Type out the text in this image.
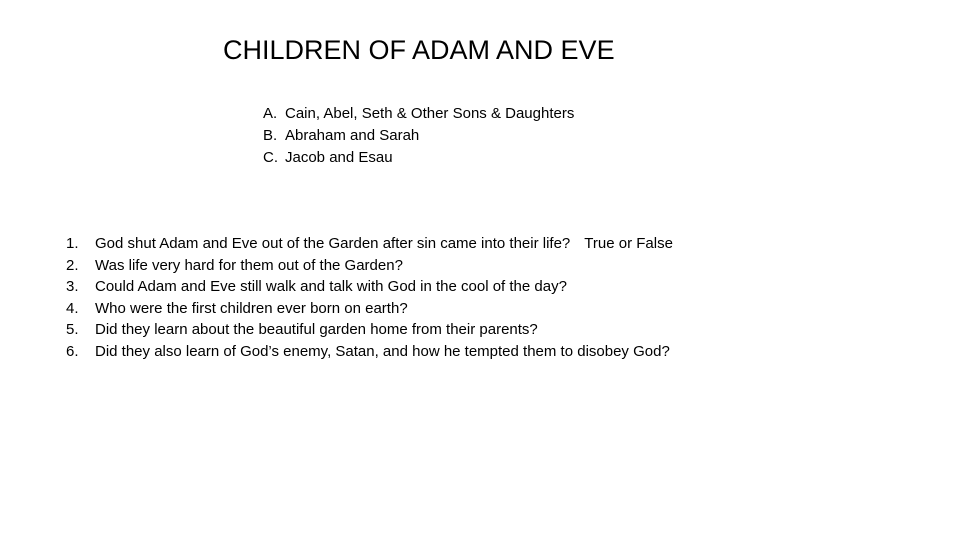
CHILDREN OF ADAM AND EVE
A. Cain, Abel, Seth & Other Sons & Daughters
B. Abraham and Sarah
C. Jacob and Esau
1.	God shut Adam and Eve out of the Garden after sin came into their life? True or False
2.	Was life very hard for them out of the Garden?
3.	Could Adam and Eve still walk and talk with God in the cool of the day?
4.	Who were the first children ever born on earth?
5.	Did they learn about the beautiful garden home from their parents?
6.	Did they also learn of God’s enemy, Satan, and how he tempted them to disobey God?
